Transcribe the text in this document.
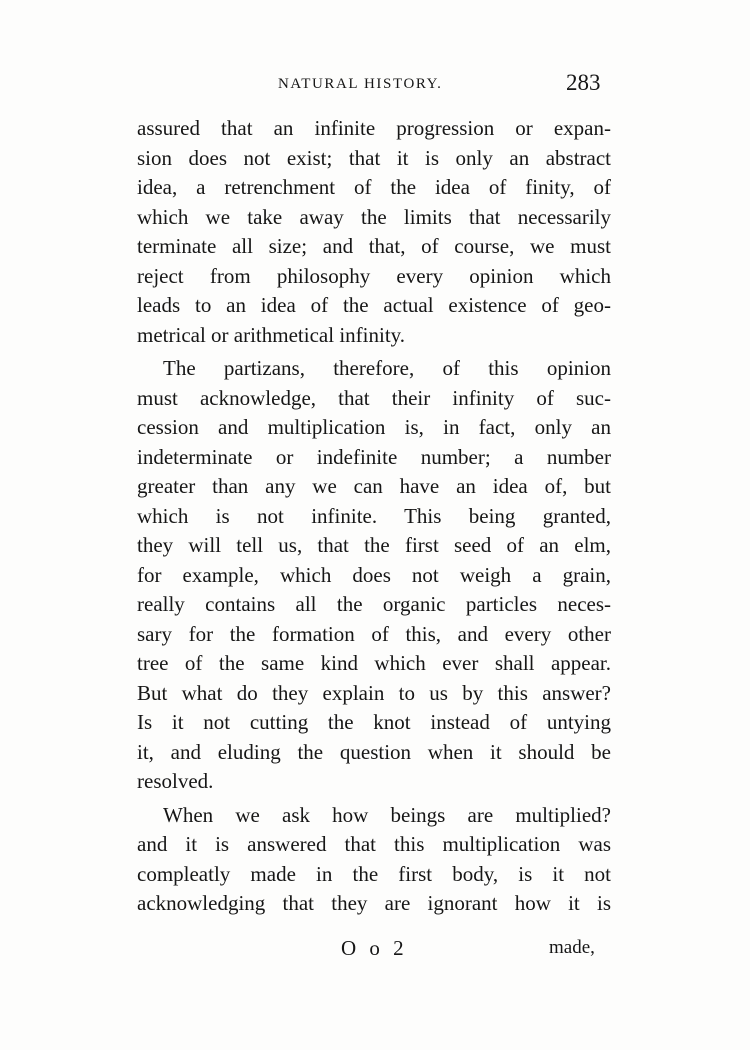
NATURAL HISTORY.	283
assured that an infinite progression or expan-
sion does not exist; that it is only an abstract
idea, a retrenchment of the idea of finity, of
which we take away the limits that necessarily
terminate all size; and that, of course, we must
reject from philosophy every opinion which
leads to an idea of the actual existence of geo-
metrical or arithmetical infinity.
The partizans, therefore, of this opinion
must acknowledge, that their infinity of suc-
cession and multiplication is, in fact, only an
indeterminate or indefinite number; a number
greater than any we can have an idea of, but
which is not infinite. This being granted,
they will tell us, that the first seed of an elm,
for example, which does not weigh a grain,
really contains all the organic particles neces-
sary for the formation of this, and every other
tree of the same kind which ever shall appear.
But what do they explain to us by this answer?
Is it not cutting the knot instead of untying
it, and eluding the question when it should be
resolved.
When we ask how beings are multiplied?
and it is answered that this multiplication was
compleatly made in the first body, is it not
acknowledging that they are ignorant how it is
O o 2	made,
